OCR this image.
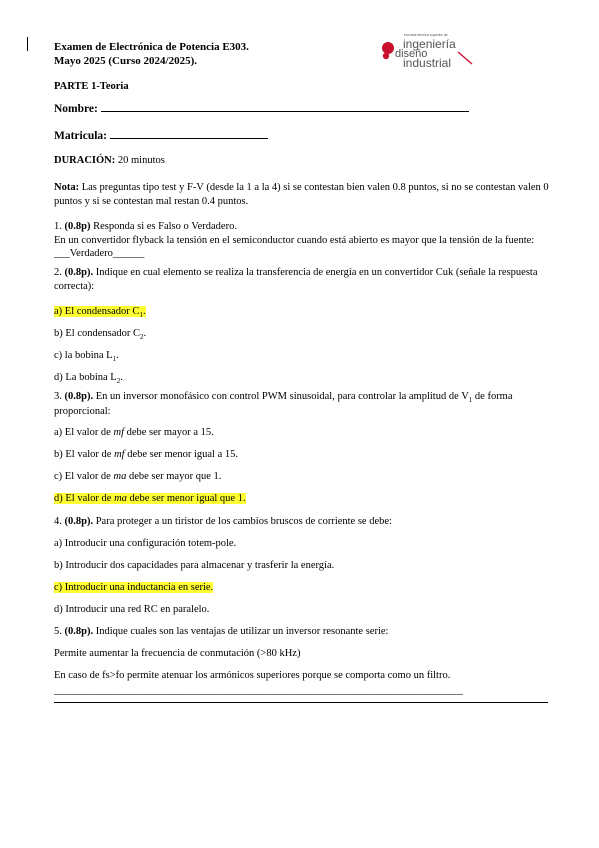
Examen de Electrónica de Potencia E303.
Mayo 2025 (Curso 2024/2025).
escuela técnica superior de
ingeniería
diseño
industrial
PARTE 1-Teoria
Nombre:
Matricula:
DURACIÓN: 20 minutos
Nota: Las preguntas tipo test y F-V (desde la 1 a la 4) si se contestan bien valen 0.8 puntos, si no se contestan valen 0 puntos y si se contestan mal restan 0.4 puntos.
1. (0.8p) Responda si es Falso o Verdadero.
En un convertidor flyback la tensión en el semiconductor cuando está abierto es mayor que la tensión de la fuente: ___Verdadero______
2. (0.8p). Indique en cual elemento se realiza la transferencia de energía en un convertidor Cuk (señale la respuesta correcta):
a) El condensador $C_1$.
b) El condensador $C_2$.
c) la bobina $L_1$.
d) La bobina $L_2$.
3. (0.8p). En un inversor monofásico con control PWM sinusoidal, para controlar la amplitud de $V_1$ de forma proporcional:
a) El valor de mf debe ser mayor a 15.
b) El valor de mf debe ser menor igual a 15.
c) El valor de ma debe ser mayor que 1.
d) El valor de ma debe ser menor igual que 1.
4. (0.8p). Para proteger a un tiristor de los cambios bruscos de corriente se debe:
a) Introducir una configuración totem-pole.
b) Introducir dos capacidades para almacenar y trasferir la energía.
c) Introducir una inductancia en serie.
d) Introducir una red RC en paralelo.
5. (0.8p). Indique cuales son las ventajas de utilizar un inversor resonante serie:
Permite aumentar la frecuencia de conmutación (>80 kHz)
En caso de fs>fo permite atenuar los armónicos superiores porque se comporta como un filtro.
______________________________________________________________________________________
